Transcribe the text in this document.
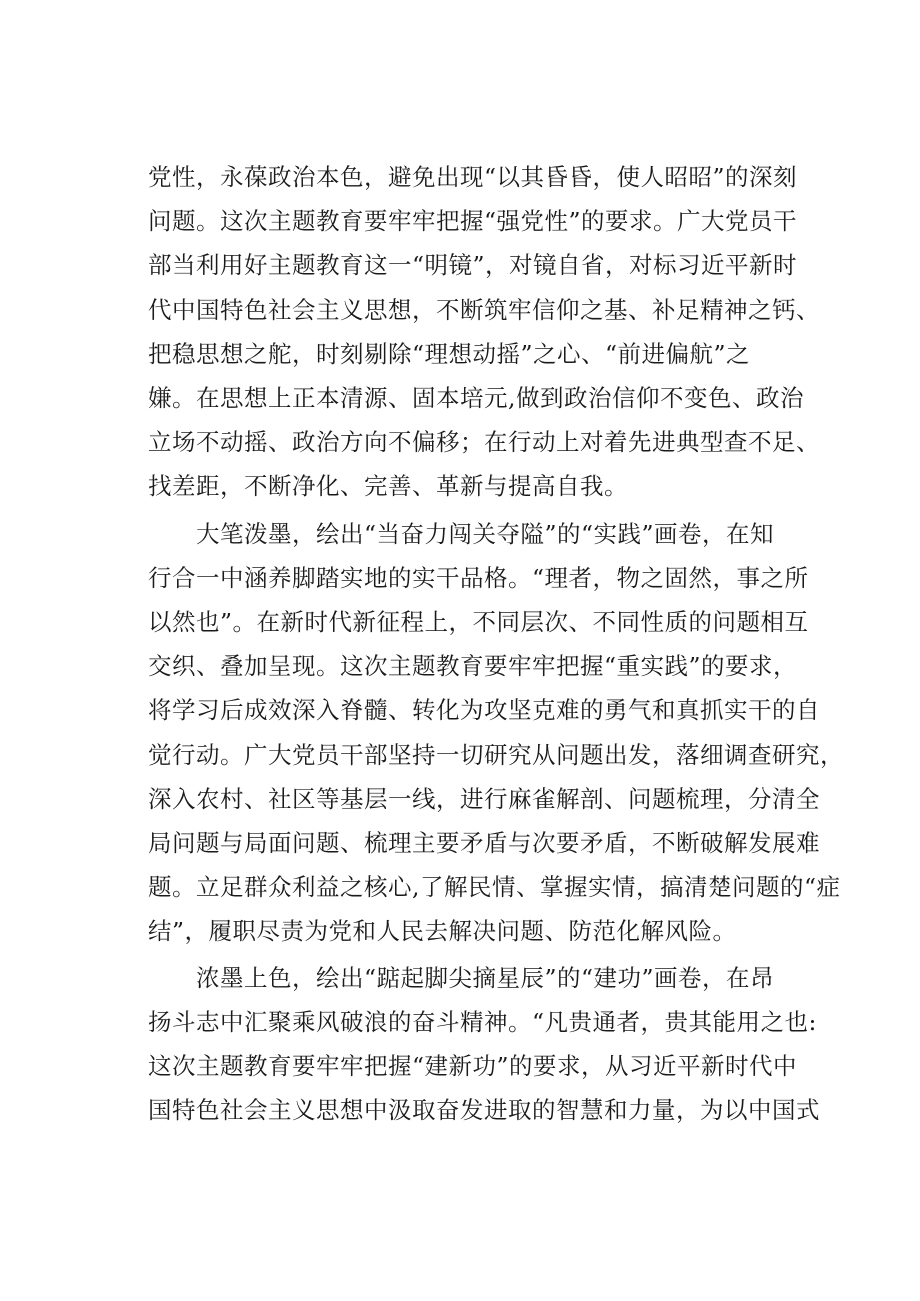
党性，永葆政治本色，避免出现“以其昏昏，使人昭昭”的深刻
问题。这次主题教育要牢牢把握“强党性”的要求。广大党员干
部当利用好主题教育这一“明镜”，对镜自省，对标习近平新时
代中国特色社会主义思想，不断筑牢信仰之基、补足精神之钙、
把稳思想之舵，时刻剔除“理想动摇”之心、“前进偏航”之
嫌。在思想上正本清源、固本培元,做到政治信仰不变色、政治
立场不动摇、政治方向不偏移；在行动上对着先进典型查不足、
找差距，不断净化、完善、革新与提高自我。
大笔泼墨，绘出“当奋力闯关夺隘”的“实践”画卷，在知
行合一中涵养脚踏实地的实干品格。“理者，物之固然，事之所
以然也”。在新时代新征程上，不同层次、不同性质的问题相互
交织、叠加呈现。这次主题教育要牢牢把握“重实践”的要求，
将学习后成效深入脊髓、转化为攻坚克难的勇气和真抓实干的自
觉行动。广大党员干部坚持一切研究从问题出发，落细调查研究，
深入农村、社区等基层一线，进行麻雀解剖、问题梳理，分清全
局问题与局面问题、梳理主要矛盾与次要矛盾，不断破解发展难
题。立足群众利益之核心,了解民情、掌握实情，搞清楚问题的“症
结”，履职尽责为党和人民去解决问题、防范化解风险。
浓墨上色，绘出“踮起脚尖摘星辰”的“建功”画卷，在昂
扬斗志中汇聚乘风破浪的奋斗精神。“凡贵通者，贵其能用之也:
这次主题教育要牢牢把握“建新功”的要求，从习近平新时代中
国特色社会主义思想中汲取奋发进取的智慧和力量，为以中国式
